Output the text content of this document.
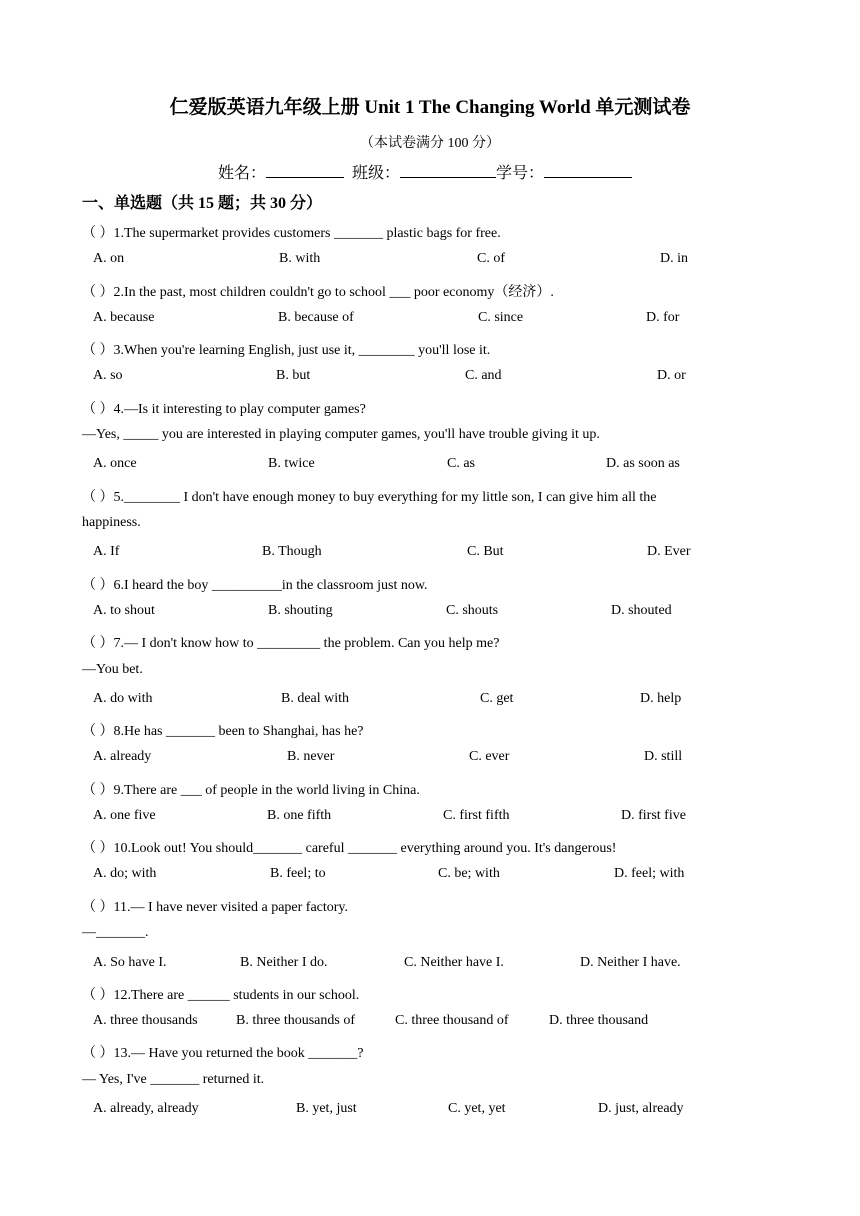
仁爱版英语九年级上册 Unit 1 The Changing World 单元测试卷
（本试卷满分 100 分）
姓名：	班级：	学号：
一、单选题（共 15 题；共 30 分）
（ ）1.The supermarket provides customers _______ plastic bags for free.
A. on	B. with	C. of	D. in
（ ）2.In the past, most children couldn't go to school ___ poor economy（经济）.
A. because	B. because of	C. since	D. for
（ ）3.When you're learning English, just use it, ________ you'll lose it.
A. so	B. but	C. and	D. or
（ ）4.—Is it interesting to play computer games?
—Yes, _____ you are interested in playing computer games, you'll have trouble giving it up.
A. once	B. twice	C. as	D. as soon as
（ ）5.________ I don't have enough money to buy everything for my little son, I can give him all the
happiness.
A. If	B. Though	C. But	D. Ever
（ ）6.I heard the boy __________in the classroom just now.
A. to shout	B. shouting	C. shouts	D. shouted
（ ）7.— I don't know how to _________ the problem. Can you help me?
—You bet.
A. do with	B. deal with	C. get	D. help
（ ）8.He has _______ been to Shanghai, has he?
A. already	B. never	C. ever	D. still
（ ）9.There are ___ of people in the world living in China.
A. one five	B. one fifth	C. first fifth	D. first five
（ ）10.Look out! You should_______ careful _______ everything around you. It's dangerous!
A. do; with	B. feel; to	C. be; with	D. feel; with
（ ）11.— I have never visited a paper factory.
—_______.
A. So have I.	B. Neither I do.	C. Neither have I.	D. Neither I have.
（ ）12.There are ______ students in our school.
A. three thousands	B. three thousands of	C. three thousand of	D. three thousand
（ ）13.— Have you returned the book _______?
— Yes, I've _______ returned it.
A. already, already	B. yet, just	C. yet, yet	D. just, already
